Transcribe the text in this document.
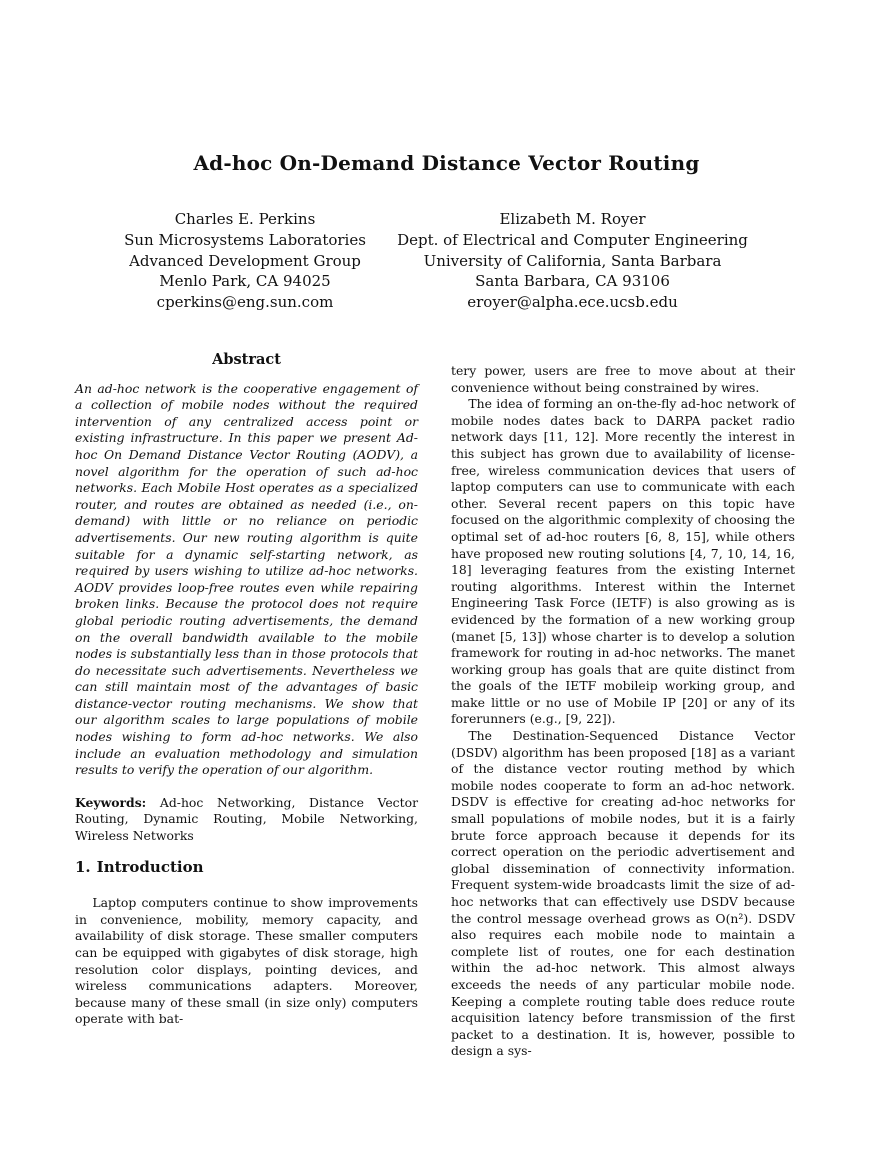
Ad-hoc On-Demand Distance Vector Routing
Charles E. Perkins
Sun Microsystems Laboratories
Advanced Development Group
Menlo Park, CA 94025
cperkins@eng.sun.com
Elizabeth M. Royer
Dept. of Electrical and Computer Engineering
University of California, Santa Barbara
Santa Barbara, CA 93106
eroyer@alpha.ece.ucsb.edu
Abstract

An ad-hoc network is the cooperative engagement of a collection of mobile nodes without the required intervention of any centralized access point or existing infrastructure. In this paper we present Ad-hoc On Demand Distance Vector Routing (AODV), a novel algorithm for the operation of such ad-hoc networks. Each Mobile Host operates as a specialized router, and routes are obtained as needed (i.e., on-demand) with little or no reliance on periodic advertisements. Our new routing algorithm is quite suitable for a dynamic self-starting network, as required by users wishing to utilize ad-hoc networks. AODV provides loop-free routes even while repairing broken links. Because the protocol does not require global periodic routing advertisements, the demand on the overall bandwidth available to the mobile nodes is substantially less than in those protocols that do necessitate such advertisements. Nevertheless we can still maintain most of the advantages of basic distance-vector routing mechanisms. We show that our algorithm scales to large populations of mobile nodes wishing to form ad-hoc networks. We also include an evaluation methodology and simulation results to verify the operation of our algorithm.

Keywords: Ad-hoc Networking, Distance Vector Routing, Dynamic Routing, Mobile Networking, Wireless Networks

1. Introduction

Laptop computers continue to show improvements in convenience, mobility, memory capacity, and availability of disk storage. These smaller computers can be equipped with gigabytes of disk storage, high resolution color displays, pointing devices, and wireless communications adapters. Moreover, because many of these small (in size only) computers operate with bat-

tery power, users are free to move about at their convenience without being constrained by wires.

The idea of forming an on-the-fly ad-hoc network of mobile nodes dates back to DARPA packet radio network days [11, 12]. More recently the interest in this subject has grown due to availability of license-free, wireless communication devices that users of laptop computers can use to communicate with each other. Several recent papers on this topic have focused on the algorithmic complexity of choosing the optimal set of ad-hoc routers [6, 8, 15], while others have proposed new routing solutions [4, 7, 10, 14, 16, 18] leveraging features from the existing Internet routing algorithms. Interest within the Internet Engineering Task Force (IETF) is also growing as is evidenced by the formation of a new working group (manet [5, 13]) whose charter is to develop a solution framework for routing in ad-hoc networks. The manet working group has goals that are quite distinct from the goals of the IETF mobileip working group, and make little or no use of Mobile IP [20] or any of its forerunners (e.g., [9, 22]).

The Destination-Sequenced Distance Vector (DSDV) algorithm has been proposed [18] as a variant of the distance vector routing method by which mobile nodes cooperate to form an ad-hoc network. DSDV is effective for creating ad-hoc networks for small populations of mobile nodes, but it is a fairly brute force approach because it depends for its correct operation on the periodic advertisement and global dissemination of connectivity information. Frequent system-wide broadcasts limit the size of ad-hoc networks that can effectively use DSDV because the control message overhead grows as O(n²). DSDV also requires each mobile node to maintain a complete list of routes, one for each destination within the ad-hoc network. This almost always exceeds the needs of any particular mobile node. Keeping a complete routing table does reduce route acquisition latency before transmission of the first packet to a destination. It is, however, possible to design a sys-
